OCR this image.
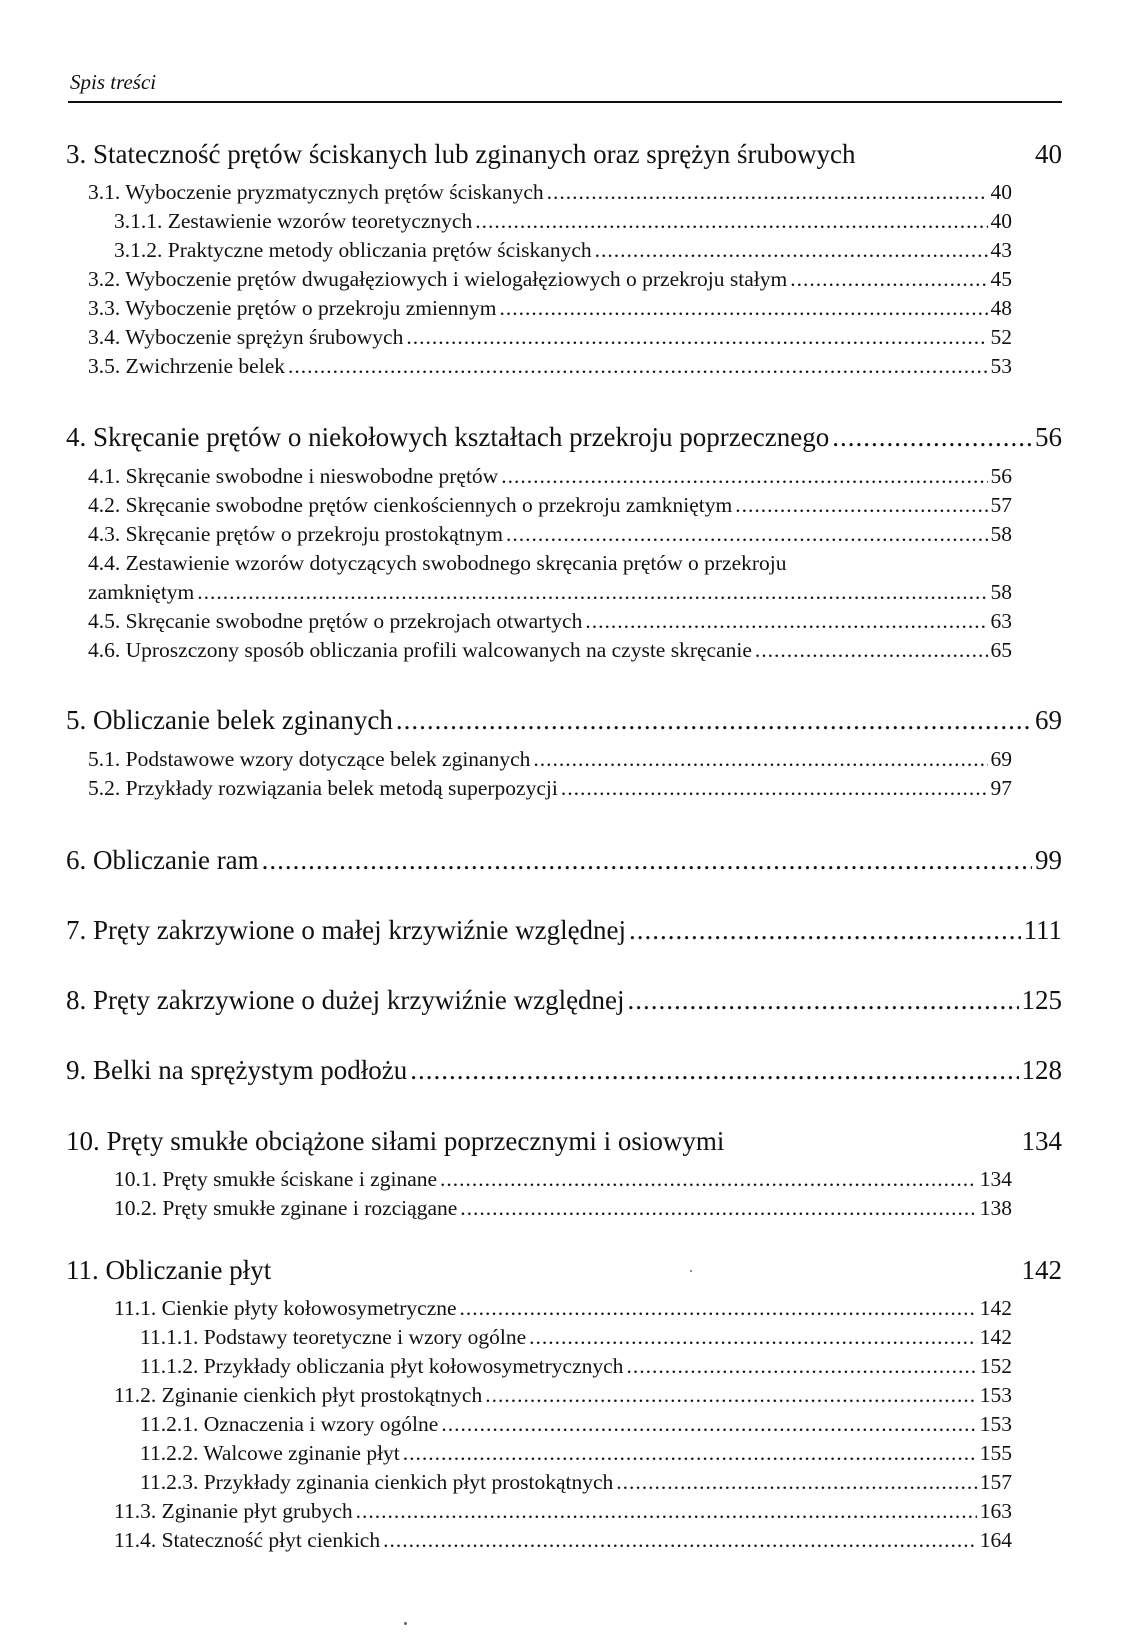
Spis treści
3. Stateczność prętów ściskanych lub zginanych oraz sprężyn śrubowych	40
3.1. Wyboczenie pryzmatycznych prętów ściskanych .....	40
3.1.1. Zestawienie wzorów teoretycznych .....	40
3.1.2. Praktyczne metody obliczania prętów ściskanych .....	43
3.2. Wyboczenie prętów dwugałęziowych i wielogałęziowych o przekroju stałym .....	45
3.3. Wyboczenie prętów o przekroju zmiennym .....	48
3.4. Wyboczenie sprężyn śrubowych .....	52
3.5. Zwichrzenie belek .....	53
4. Skręcanie prętów o niekołowych kształtach przekroju poprzecznego .....	56
4.1. Skręcanie swobodne i nieswobodne prętów .....	56
4.2. Skręcanie swobodne prętów cienkościennych o przekroju zamkniętym .....	57
4.3. Skręcanie prętów o przekroju prostokątnym .....	58
4.4. Zestawienie wzorów dotyczących swobodnego skręcania prętów o przekroju
zamkniętym .....	58
4.5. Skręcanie swobodne prętów o przekrojach otwartych .....	63
4.6. Uproszczony sposób obliczania profili walcowanych na czyste skręcanie .....	65
5. Obliczanie belek zginanych .....	69
5.1. Podstawowe wzory dotyczące belek zginanych .....	69
5.2. Przykłady rozwiązania belek metodą superpozycji .....	97
6. Obliczanie ram .....	99
7. Pręty zakrzywione o małej krzywiźnie względnej .....	111
8. Pręty zakrzywione o dużej krzywiźnie względnej .....	125
9. Belki na sprężystym podłożu .....	128
10. Pręty smukłe obciążone siłami poprzecznymi i osiowymi	134
10.1. Pręty smukłe ściskane i zginane .....	134
10.2. Pręty smukłe zginane i rozciągane .....	138
11. Obliczanie płyt	142
11.1. Cienkie płyty kołowosymetryczne .....	142
11.1.1. Podstawy teoretyczne i wzory ogólne .....	142
11.1.2. Przykłady obliczania płyt kołowosymetrycznych .....	152
11.2. Zginanie cienkich płyt prostokątnych .....	153
11.2.1. Oznaczenia i wzory ogólne .....	153
11.2.2. Walcowe zginanie płyt .....	155
11.2.3. Przykłady zginania cienkich płyt prostokątnych .....	157
11.3. Zginanie płyt grubych .....	163
11.4. Stateczność płyt cienkich .....	164
